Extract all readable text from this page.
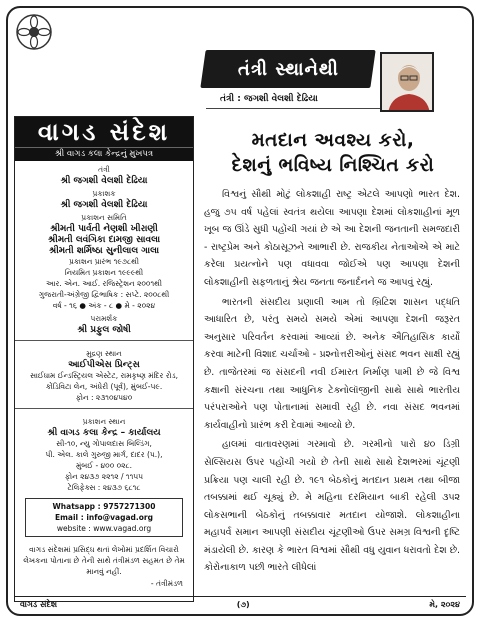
તંત્રી સ્થાનેથી
તંત્રી : જગશી વેલશી દેઢિયા
વાગડ સંદેશ
શ્રી વાગડ કલા કેન્દ્રનું મુખપત્ર
તંત્રી
શ્રી જગશી વેલશી દેઢિયા
પ્રકાશક
શ્રી જગશી વેલશી દેઢિયા
પ્રકાશન સમિતિ
શ્રીમતી પાર્વતી નેણશી ખીરાણી
શ્રીમતી લવંગિકા દામજી સાવલા
શ્રીમતી શર્મિષ્ઠા સુનીલાલ ગાલા
પ્રકાશન પ્રારંભ ૧૯૭૮થી
નિયમિત પ્રકાશન ૧૯૯૯થી
આર. એન. આઈ. રજિસ્ટ્રેશન ૨૦૦૧થી
ગુજરાતી-અંગ્રેજી દ્વિભાષિક : સપ્ટે. ૨૦૦૮થી
વર્ષ - ૧૬ ● અંક - ૮ ● મે - ૨૦૨૪
પરામર્શક
શ્રી પ્રફુલ જોષી
મુદ્રણ સ્થાન
આઈપીએસ પ્રિન્ટ્સ
સાઈધામ ઈન્ડસ્ટ્રિયલ એસ્ટેટ, રામકૃષ્ણ મંદિર રોડ,
કોંડિવિટા લેન, અંધેરી (પૂર્વ), મુંબઈ-૫૯.
ફોન : ૨૩૧૦૪૫૪૦
પ્રકાશન સ્થાન
શ્રી વાગડ કલા કેન્દ્ર – કાર્યાલય
સી-૧૦, ન્યુ ગોપાલદાસ બિલ્ડિંગ,
પી. એલ. કાલે ગુરુજી માર્ગ, દાદર (પ.),
મુંબઈ - ૪૦૦ ૦૨૮.
ફોન ૨૪૩૭ ૨૨૧૨ / ૧૧૫૫
ટેલિફેક્સ : ૨૪૩૭ ૬૮૧૮
Whatsapp : 9757271300
Email : info@vagad.org
website : www.vagad.org
વાગડ સંદેશમાં પ્રસિદ્ધ થતાં લેખોમાં પ્રદર્શિત વિચારો લેખકના પોતાના છે તેની સાથે તંત્રીમંડળ સહમત છે તેમ માનવું નહીં.
- તંત્રીમંડળ
મતદાન અવશ્ય કરો,
દેશનું ભવિષ્ય નિશ્ચિત કરો

વિશ્વનું સૌથી મોટું લોકશાહી રાષ્ટ્ર એટલે આપણો ભારત દેશ. હજુ ૭૫ વર્ષ પહેલાં સ્વતંત્ર થયેલા આપણા દેશમાં લોકશાહીનાં મૂળ ખૂબ જ ઊંડે સુધી પહોંચી ગયાં છે એ આ દેશની જનતાની સમજદારી - રાષ્ટ્રપ્રેમ અને કોઠાસૂઝને આભારી છે. રાજકીય નેતાઓએ એ માટે કરેલા પ્રયત્નોને પણ વધાવવા જોઈએ પણ આપણા દેશની લોકશાહીની સફળતાનું શ્રેય જનતા જનાર્દનને જ આપવું રહ્યું.

ભારતની સંસદીય પ્રણાલી આમ તો બ્રિટિશ શાસન પદ્ધતિ આધારિત છે, પરંતુ સમયે સમયે એમાં આપણા દેશની જરૂરત અનુસાર પરિવર્તન કરવામાં આવ્યાં છે. અનેક ઐતિહાસિક કાર્યો કરવા માટેની વિશાદ ચર્ચાઓ - પ્રશ્નોત્તરીઓનું સંસદ ભવન સાક્ષી રહ્યું છે. તાજેતરમાં જ સંસદની નવી ઈમારત નિર્માણ પામી છે જે વિશ્વ કક્ષાની સંરચના તથા આધુનિક ટેક્નોલૉજીની સાથે સાથે ભારતીય પરંપરાઓને પણ પોતાનામાં સમાવી રહી છે. નવા સંસદ ભવનમાં કાર્યવાહીનો પ્રારંભ કરી દેવામાં આવ્યો છે.

હાલમાં વાતાવરણમાં ગરમાવો છે. ગરમીનો પારો ૪૦ ડિગ્રી સેલ્સિયસ ઉપર પહોંચી ગયો છે તેની સાથે સાથે દેશભરમાં ચૂંટણી પ્રક્રિયા પણ ચાલી રહી છે. ૧૯૧ બેઠકોનું મતદાન પ્રથમ તથા બીજા તબક્કામાં થઈ ચૂક્યું છે. મે મહિના દરમિયાન બાકી રહેલી ૩૫૨ લોકસભાની બેઠકોનું તબક્કાવાર મતદાન યોજાશે. લોકશાહીના મહાપર્વ સમાન આપણી સંસદીય ચૂંટણીઓ ઉપર સમગ્ર વિશ્વની દૃષ્ટિ મંડાયેલી છે. કારણ કે ભારત વિશ્વમાં સૌથી વધુ યુવાન ધરાવતો દેશ છે. કોરોનાકાળ પછી ભારતે લીધેલાં

વાગડ સંદેશ	(૭)	મે, ૨૦૨૪
